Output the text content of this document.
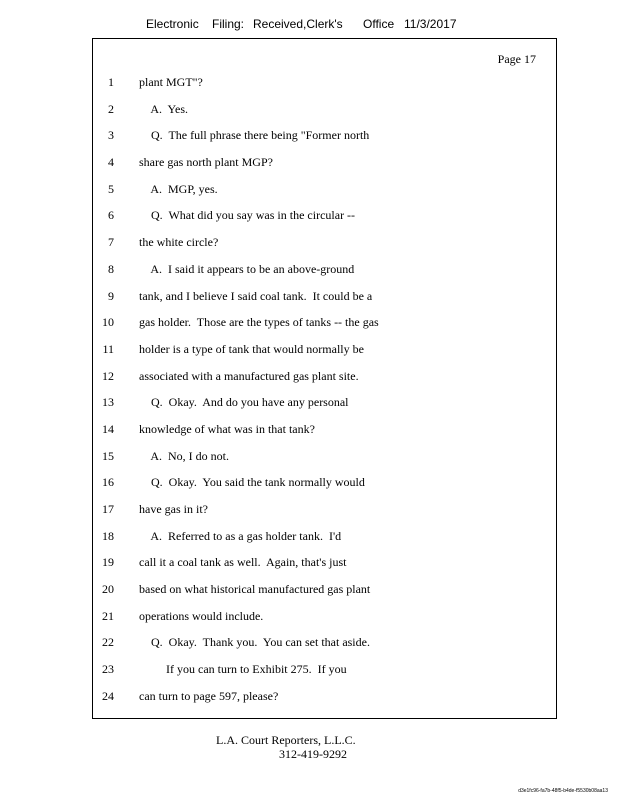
Electronic Filing: Received,Clerk's Office 11/3/2017
Page 17
1 plant MGT"?
2 A.  Yes.
3 Q.  The full phrase there being "Former north
4 share gas north plant MGP?
5 A.  MGP, yes.
6 Q.  What did you say was in the circular --
7 the white circle?
8 A.  I said it appears to be an above-ground
9 tank, and I believe I said coal tank.  It could be a
10 gas holder.  Those are the types of tanks -- the gas
11 holder is a type of tank that would normally be
12 associated with a manufactured gas plant site.
13 Q.  Okay.  And do you have any personal
14 knowledge of what was in that tank?
15 A.  No, I do not.
16 Q.  Okay.  You said the tank normally would
17 have gas in it?
18 A.  Referred to as a gas holder tank.  I'd
19 call it a coal tank as well.  Again, that's just
20 based on what historical manufactured gas plant
21 operations would include.
22 Q.  Okay.  Thank you.  You can set that aside.
23 If you can turn to Exhibit 275.  If you
24 can turn to page 597, please?
L.A. Court Reporters, L.L.C.
312-419-9292
d3e1fc96-fa7b-48f5-b4de-f5530b08aa13
